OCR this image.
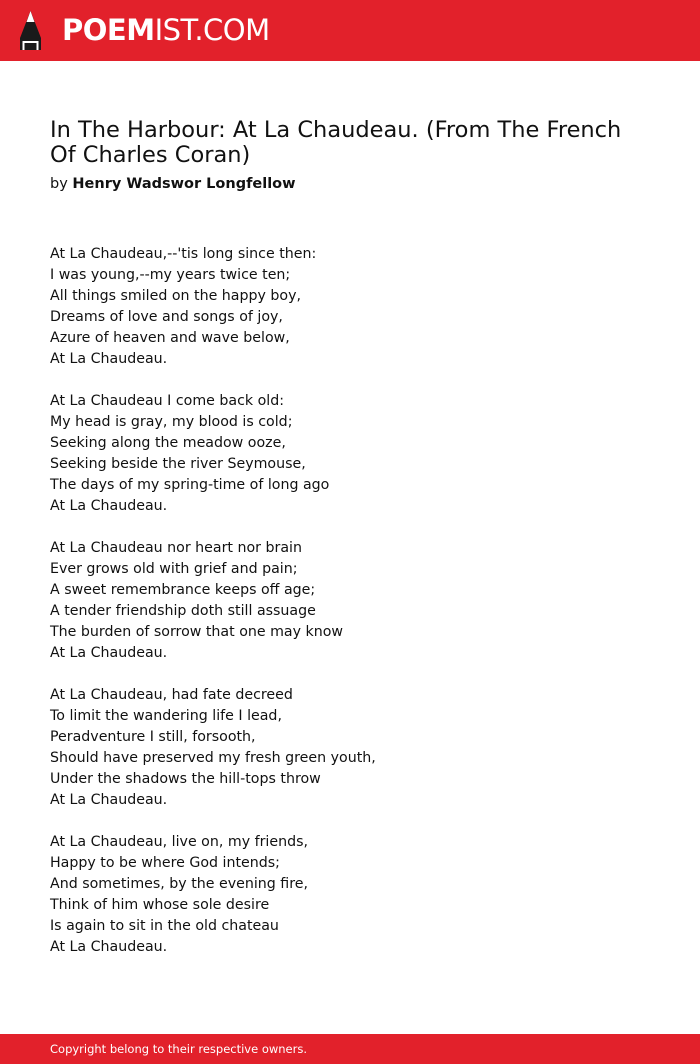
POEMIST.COM
In The Harbour: At La Chaudeau. (From The French Of Charles Coran)
by Henry Wadswor Longfellow
At La Chaudeau,--'tis long since then:
I was young,--my years twice ten;
All things smiled on the happy boy,
Dreams of love and songs of joy,
Azure of heaven and wave below,
At La Chaudeau.
At La Chaudeau I come back old:
My head is gray, my blood is cold;
Seeking along the meadow ooze,
Seeking beside the river Seymouse,
The days of my spring-time of long ago
At La Chaudeau.
At La Chaudeau nor heart nor brain
Ever grows old with grief and pain;
A sweet remembrance keeps off age;
A tender friendship doth still assuage
The burden of sorrow that one may know
At La Chaudeau.
At La Chaudeau, had fate decreed
To limit the wandering life I lead,
Peradventure I still, forsooth,
Should have preserved my fresh green youth,
Under the shadows the hill-tops throw
At La Chaudeau.
At La Chaudeau, live on, my friends,
Happy to be where God intends;
And sometimes, by the evening fire,
Think of him whose sole desire
Is again to sit in the old chateau
At La Chaudeau.
Copyright belong to their respective owners.
